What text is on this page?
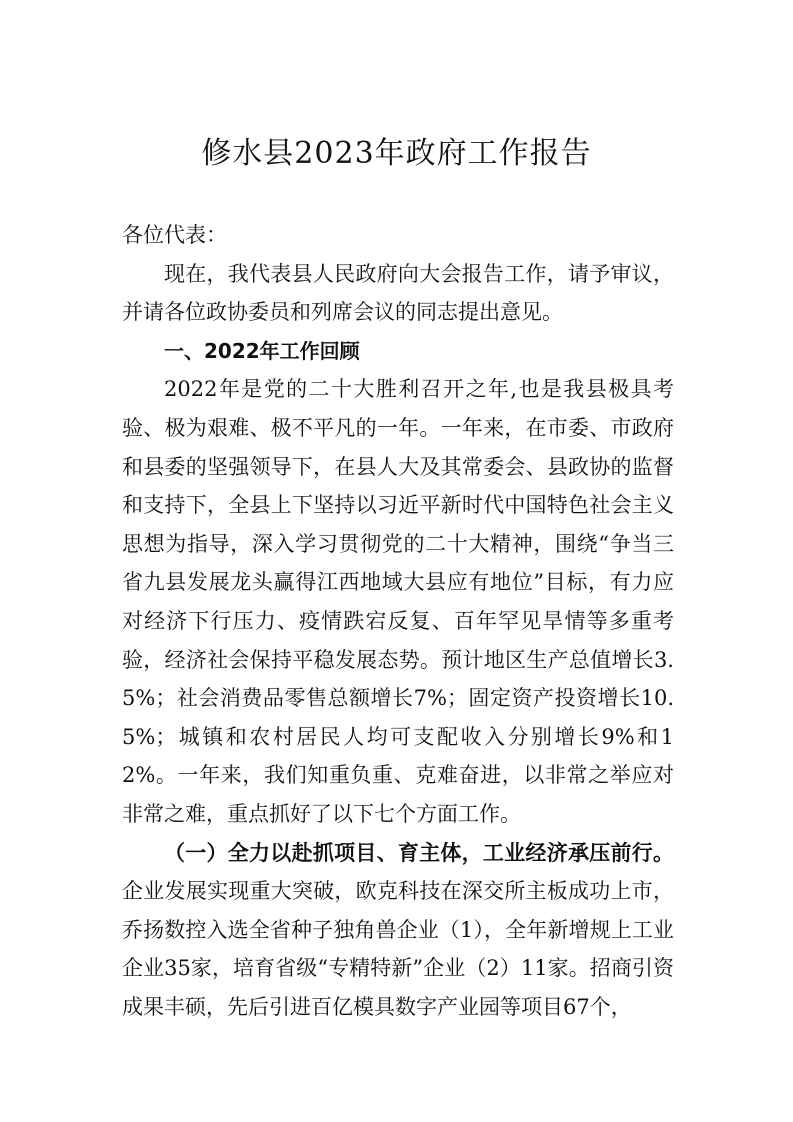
修水县2023年政府工作报告

各位代表：

现在，我代表县人民政府向大会报告工作，请予审议，并请各位政协委员和列席会议的同志提出意见。

一、2022年工作回顾

2022年是党的二十大胜利召开之年,也是我县极具考验、极为艰难、极不平凡的一年。一年来，在市委、市政府和县委的坚强领导下，在县人大及其常委会、县政协的监督和支持下，全县上下坚持以习近平新时代中国特色社会主义思想为指导，深入学习贯彻党的二十大精神，围绕“争当三省九县发展龙头赢得江西地域大县应有地位”目标，有力应对经济下行压力、疫情跌宕反复、百年罕见旱情等多重考验，经济社会保持平稳发展态势。预计地区生产总值增长3.5%；社会消费品零售总额增长7%；固定资产投资增长10.5%；城镇和农村居民人均可支配收入分别增长9%和12%。一年来，我们知重负重、克难奋进，以非常之举应对非常之难，重点抓好了以下七个方面工作。

（一）全力以赴抓项目、育主体，工业经济承压前行。企业发展实现重大突破，欧克科技在深交所主板成功上市，乔扬数控入选全省种子独角兽企业（1），全年新增规上工业企业35家，培育省级“专精特新”企业（2）11家。招商引资成果丰硕，先后引进百亿模具数字产业园等项目67个，
